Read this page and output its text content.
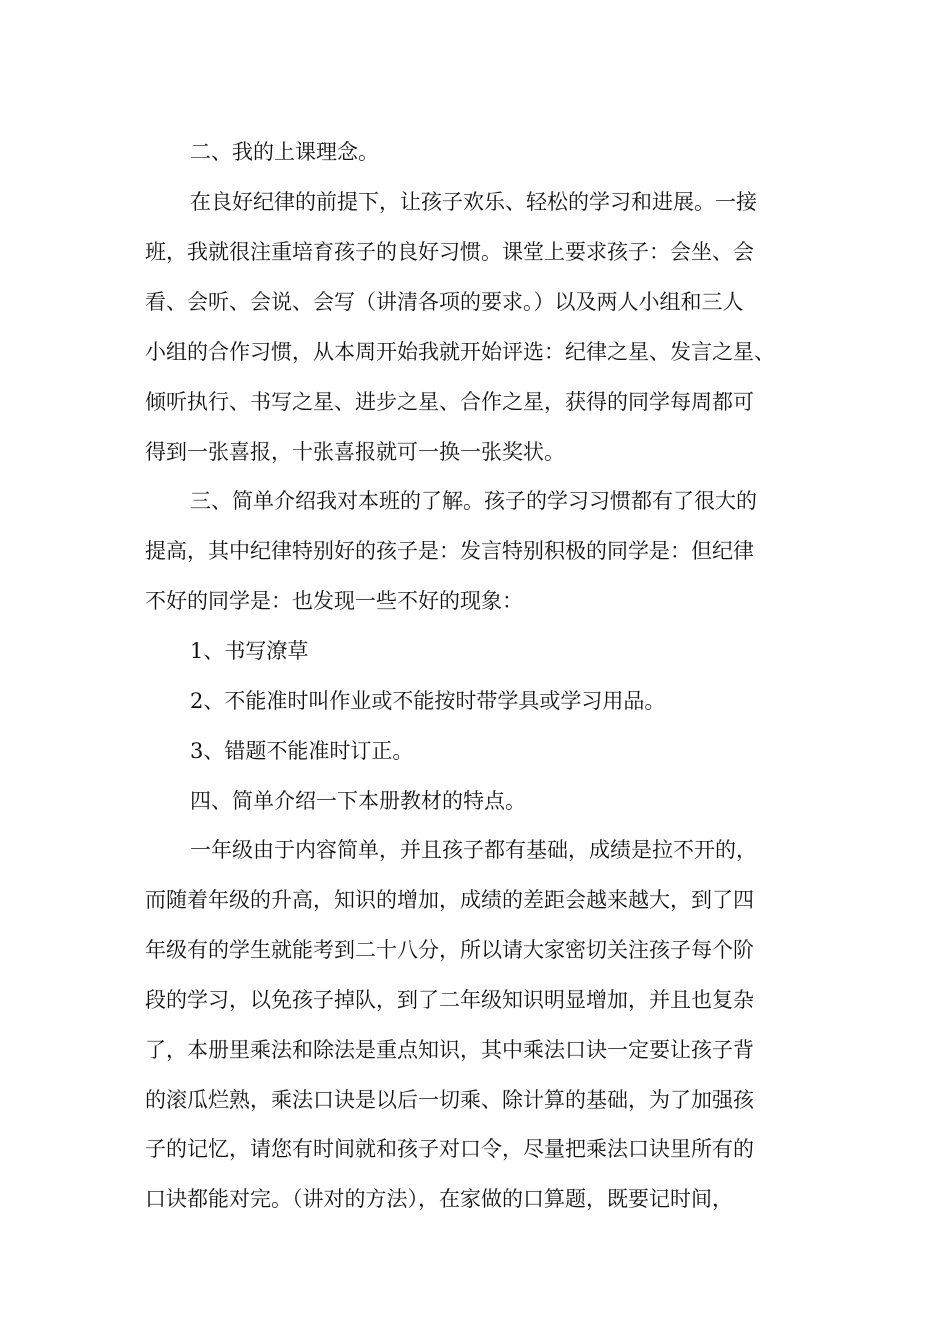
二、我的上课理念。
在良好纪律的前提下，让孩子欢乐、轻松的学习和进展。一接
班，我就很注重培育孩子的良好习惯。课堂上要求孩子：会坐、会
看、会听、会说、会写（讲清各项的要求。）以及两人小组和三人
小组的合作习惯，从本周开始我就开始评选：纪律之星、发言之星、
倾听执行、书写之星、进步之星、合作之星，获得的同学每周都可
得到一张喜报，十张喜报就可一换一张奖状。
三、简单介绍我对本班的了解。孩子的学习习惯都有了很大的
提高，其中纪律特别好的孩子是：发言特别积极的同学是：但纪律
不好的同学是：也发现一些不好的现象：
1、书写潦草
2、不能准时叫作业或不能按时带学具或学习用品。
3、错题不能准时订正。
四、简单介绍一下本册教材的特点。
一年级由于内容简单，并且孩子都有基础，成绩是拉不开的，
而随着年级的升高，知识的增加，成绩的差距会越来越大，到了四
年级有的学生就能考到二十八分，所以请大家密切关注孩子每个阶
段的学习，以免孩子掉队，到了二年级知识明显增加，并且也复杂
了，本册里乘法和除法是重点知识，其中乘法口诀一定要让孩子背
的滚瓜烂熟，乘法口诀是以后一切乘、除计算的基础，为了加强孩
子的记忆，请您有时间就和孩子对口令，尽量把乘法口诀里所有的
口诀都能对完。（讲对的方法），在家做的口算题，既要记时间，
